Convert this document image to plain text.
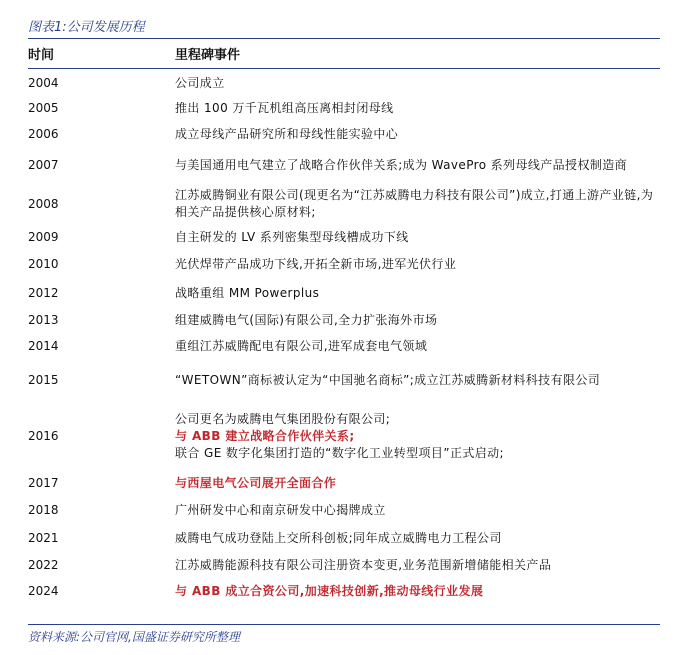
图表1:公司发展历程
时间	里程碑事件
2004	公司成立

2005	推出 100 万千瓦机组高压离相封闭母线

2006	成立母线产品研究所和母线性能实验中心

2007	与美国通用电气建立了战略合作伙伴关系;成为 WavePro 系列母线产品授权制造商

2008	江苏威腾铜业有限公司(现更名为“江苏威腾电力科技有限公司”)成立,打通上游产业链,为相关产品提供核心原材料;

2009	自主研发的 LV 系列密集型母线槽成功下线

2010	光伏焊带产品成功下线,开拓全新市场,进军光伏行业

2012	战略重组 MM Powerplus

2013	组建威腾电气(国际)有限公司,全力扩张海外市场

2014	重组江苏威腾配电有限公司,进军成套电气领域

2015	“WETOWN”商标被认定为“中国驰名商标”;成立江苏威腾新材料科技有限公司

2016	公司更名为威腾电气集团股份有限公司;
与 ABB 建立战略合作伙伴关系;
联合 GE 数字化集团打造的“数字化工业转型项目”正式启动;

2017	与西屋电气公司展开全面合作

2018	广州研发中心和南京研发中心揭牌成立

2021	威腾电气成功登陆上交所科创板;同年成立威腾电力工程公司

2022	江苏威腾能源科技有限公司注册资本变更,业务范围新增储能相关产品

2024	与 ABB 成立合资公司,加速科技创新,推动母线行业发展
资料来源:公司官网,国盛证券研究所整理
